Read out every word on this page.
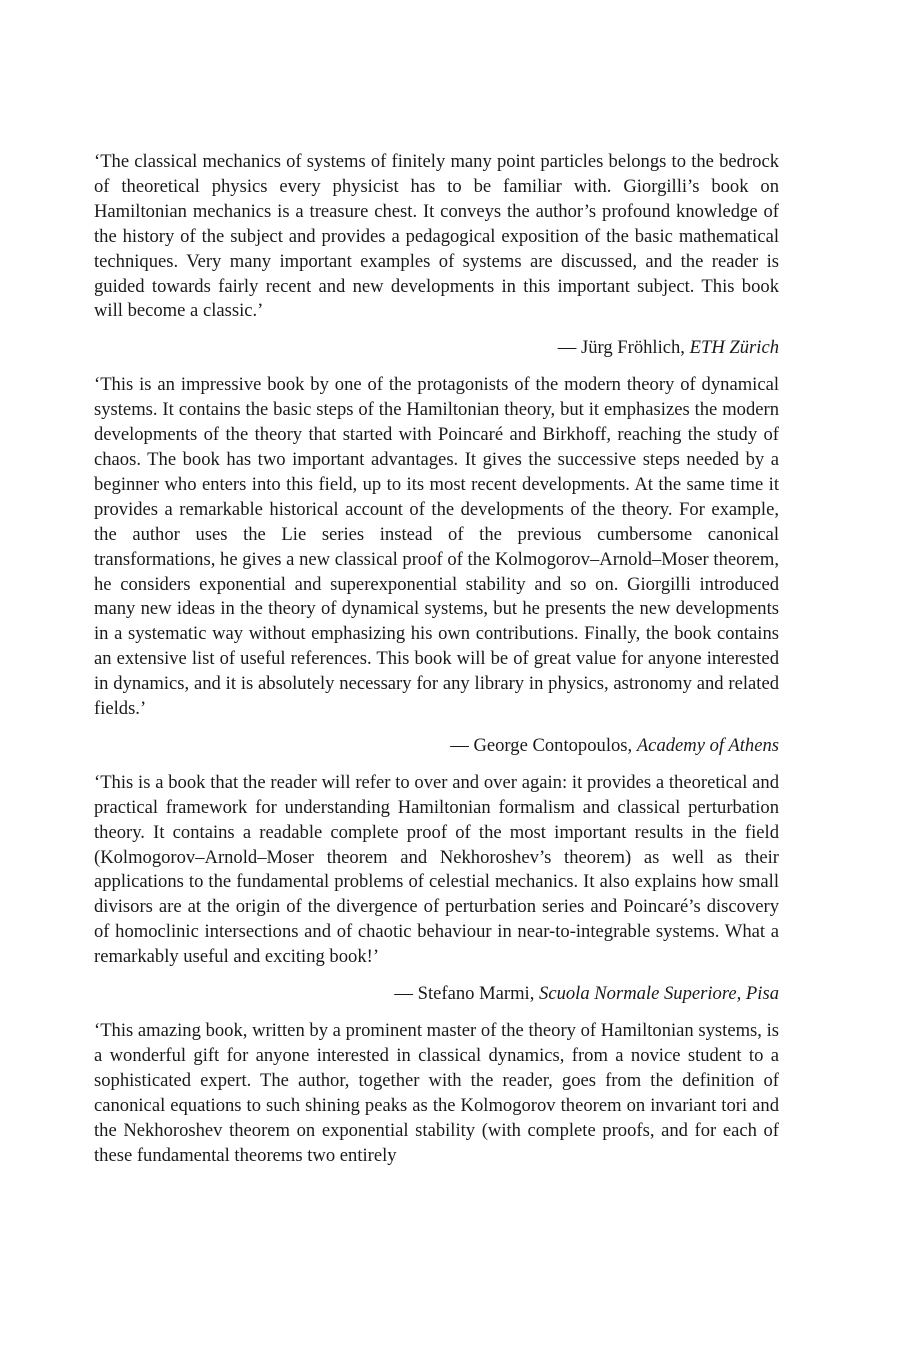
‘The classical mechanics of systems of finitely many point particles belongs to the bedrock of theoretical physics every physicist has to be familiar with. Giorgilli’s book on Hamiltonian mechanics is a treasure chest. It conveys the author’s profound knowledge of the history of the subject and provides a pedagogical exposition of the basic mathematical techniques. Very many important examples of systems are discussed, and the reader is guided towards fairly recent and new developments in this important subject. This book will become a classic.’

— Jürg Fröhlich, ETH Zürich

‘This is an impressive book by one of the protagonists of the modern theory of dynamical systems. It contains the basic steps of the Hamiltonian theory, but it emphasizes the modern developments of the theory that started with Poincaré and Birkhoff, reaching the study of chaos. The book has two important advantages. It gives the successive steps needed by a beginner who enters into this field, up to its most recent developments. At the same time it provides a remarkable historical account of the developments of the theory. For example, the author uses the Lie series instead of the previous cumbersome canonical transformations, he gives a new classical proof of the Kolmogorov–Arnold–Moser theorem, he considers exponential and superexponential stability and so on. Giorgilli introduced many new ideas in the theory of dynamical systems, but he presents the new developments in a systematic way without emphasizing his own contributions. Finally, the book contains an extensive list of useful references. This book will be of great value for anyone interested in dynamics, and it is absolutely necessary for any library in physics, astronomy and related fields.’

— George Contopoulos, Academy of Athens

‘This is a book that the reader will refer to over and over again: it provides a theoretical and practical framework for understanding Hamiltonian formalism and classical perturbation theory. It contains a readable complete proof of the most important results in the field (Kolmogorov–Arnold–Moser theorem and Nekhoroshev’s theorem) as well as their applications to the fundamental problems of celestial mechanics. It also explains how small divisors are at the origin of the divergence of perturbation series and Poincaré’s discovery of homoclinic intersections and of chaotic behaviour in near-to-integrable systems. What a remarkably useful and exciting book!’

— Stefano Marmi, Scuola Normale Superiore, Pisa

‘This amazing book, written by a prominent master of the theory of Hamiltonian systems, is a wonderful gift for anyone interested in classical dynamics, from a novice student to a sophisticated expert. The author, together with the reader, goes from the definition of canonical equations to such shining peaks as the Kolmogorov theorem on invariant tori and the Nekhoroshev theorem on exponential stability (with complete proofs, and for each of these fundamental theorems two entirely
